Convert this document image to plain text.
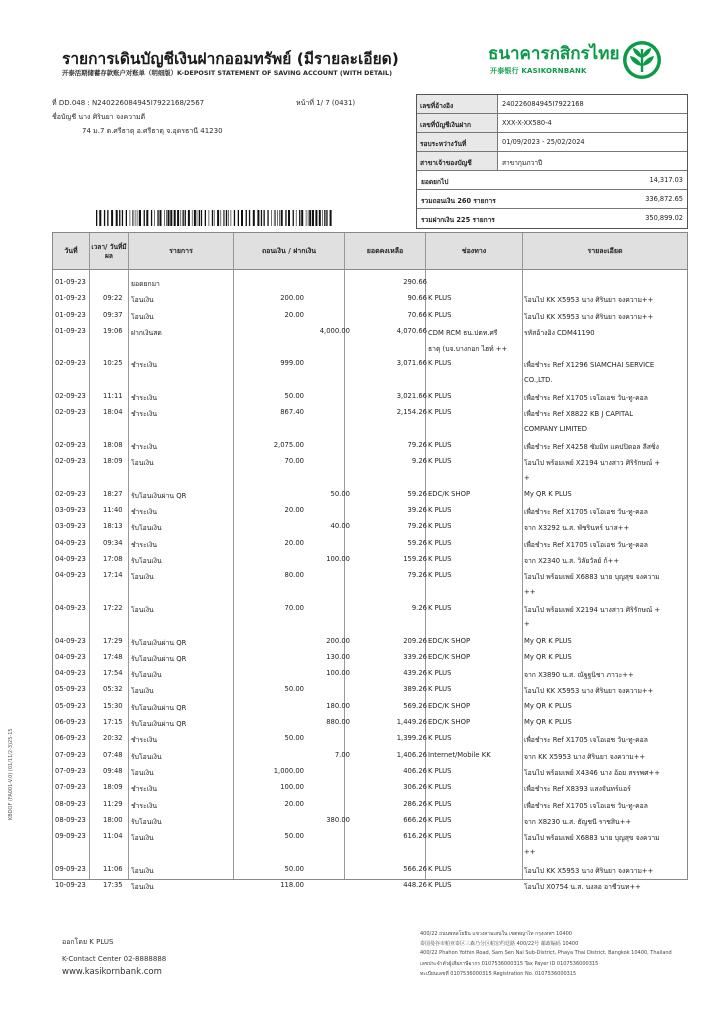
รายการเดินบัญชีเงินฝากออมทรัพย์ (มีรายละเอียด)
开泰活期储蓄存款账户对账单（明细版）K-DEPOSIT STATEMENT OF SAVING ACCOUNT (WITH DETAIL)
ธนาคารกสิกรไทย
开泰银行 KASIKORNBANK
ที่ DD.048 : N240226084945I7922168/2567	หน้าที่ 1/ 7 (0431)
ชื่อบัญชี นาง ศิรินยา จงความดี
74 ม.7 ต.ศรีธาตุ อ.ศรีธาตุ จ.อุดรธานี 41230
เลขที่อ้างอิง	240226084945I7922168
เลขที่บัญชีเงินฝาก	XXX-X-XX580-4
รอบระหว่างวันที่	01/09/2023 - 25/02/2024
สาขาเจ้าของบัญชี	สาขากุมภวาปี
ยอดยกไป	14,317.03
รวมถอนเงิน 260 รายการ	336,872.65
รวมฝากเงิน 225 รายการ	350,899.02
วันที่
เวลา/ วันที่มีผล
รายการ	ถอนเงิน / ฝากเงิน	ยอดคงเหลือ	ช่องทาง	รายละเอียด
01-09-23	ยอดยกมา	290.66
01-09-23	09:22 โอนเงิน	200.00	90.66 K PLUS	โอนไป KK X5953 นาง ศิรินยา จงความ++
01-09-23	09:37 โอนเงิน	20.00	70.66 K PLUS	โอนไป KK X5953 นาง ศิรินยา จงความ++
01-09-23	19:06 ฝากเงินสด	4,000.00	4,070.66 CDM RCM ธน.ปตท.ศรี	รหัสอ้างอิง CDM41190
ธาตุ (บจ.บางกอก ไฮท์ ++
02-09-23	10:25 ชำระเงิน	999.00	3,071.66 K PLUS	เพื่อชำระ Ref X1296 SIAMCHAI SERVICE
CO.,LTD.
02-09-23	11:11 ชำระเงิน	50.00	3,021.66 K PLUS	เพื่อชำระ Ref X1705 เจโอเอช วัน-ทู-คอล
02-09-23	18:04 ชำระเงิน	867.40	2,154.26 K PLUS	เพื่อชำระ Ref X8822 KB J CAPITAL
COMPANY LIMITED
02-09-23	18:08 ชำระเงิน	2,075.00	79.26 K PLUS	เพื่อชำระ Ref X4258 ซัมมิท แคปปิตอล ลีสซิ่ง
02-09-23	18:09 โอนเงิน	70.00	9.26 K PLUS	โอนไป พร้อมเพย์ X2194 นางสาว ศิริรักษณ์ +
+
02-09-23	18:27 รับโอนเงินผ่าน QR	50.00	59.26 EDC/K SHOP	My QR K PLUS
03-09-23	11:40 ชำระเงิน	20.00	39.26 K PLUS	เพื่อชำระ Ref X1705 เจโอเอช วัน-ทู-คอล
03-09-23	18:13 รับโอนเงิน	40.00	79.26 K PLUS	จาก X3292 น.ส. พัชรินทร์ นาส++
04-09-23	09:34 ชำระเงิน	20.00	59.26 K PLUS	เพื่อชำระ Ref X1705 เจโอเอช วัน-ทู-คอล
04-09-23	17:08 รับโอนเงิน	100.00	159.26 K PLUS	จาก X2340 น.ส. วิลัยวัลย์ ก้++
04-09-23	17:14 โอนเงิน	80.00	79.26 K PLUS	โอนไป พร้อมเพย์ X6883 นาย บุญสุข จงความ
++
04-09-23	17:22 โอนเงิน	70.00	9.26 K PLUS	โอนไป พร้อมเพย์ X2194 นางสาว ศิริรักษณ์ +
+
04-09-23	17:29 รับโอนเงินผ่าน QR	200.00	209.26 EDC/K SHOP	My QR K PLUS
04-09-23	17:48 รับโอนเงินผ่าน QR	130.00	339.26 EDC/K SHOP	My QR K PLUS
04-09-23	17:54 รับโอนเงิน	100.00	439.26 K PLUS	จาก X3890 น.ส. ณัฐฐนิชา ภาวะ++
05-09-23	05:32 โอนเงิน	50.00	389.26 K PLUS	โอนไป KK X5953 นาง ศิรินยา จงความ++
05-09-23	15:30 รับโอนเงินผ่าน QR	180.00	569.26 EDC/K SHOP	My QR K PLUS
06-09-23	17:15 รับโอนเงินผ่าน QR	880.00	1,449.26 EDC/K SHOP	My QR K PLUS
06-09-23	20:32 ชำระเงิน	50.00	1,399.26 K PLUS	เพื่อชำระ Ref X1705 เจโอเอช วัน-ทู-คอล
07-09-23	07:48 รับโอนเงิน	7.00	1,406.26 Internet/Mobile KK	จาก KK X5953 นาง ศิรินยา จงความ++
07-09-23	09:48 โอนเงิน	1,000.00	406.26 K PLUS	โอนไป พร้อมเพย์ X4346 นาง อ้อย สรรพศ++
07-09-23	18:09 ชำระเงิน	100.00	306.26 K PLUS	เพื่อชำระ Ref X8393 แสงจันทร์แอร์
08-09-23	11:29 ชำระเงิน	20.00	286.26 K PLUS	เพื่อชำระ Ref X1705 เจโอเอช วัน-ทู-คอล
08-09-23	18:00 รับโอนเงิน	380.00	666.26 K PLUS	จาก X8230 น.ส. ธัญชนี ราชสิน++
09-09-23	11:04 โอนเงิน	50.00	616.26 K PLUS	โอนไป พร้อมเพย์ X6883 นาย บุญสุข จงความ
++
09-09-23	11:06 โอนเงิน	50.00	566.26 K PLUS	โอนไป KK X5953 นาง ศิรินยา จงความ++
10-09-23	17:35 โอนเงิน	118.00	448.26 K PLUS	โอนไป X0754 น.ส. นงลอ อาชีวนท++
KBDOF (FA001-V.0) (01/11/2-3)25-15
ออกโดย K PLUS
K-Contact Center 02-8888888
www.kasikornbank.com
400/22 ถนนพหลโยธิน แขวงสามเสนใน เขตพญาไท กรุงเทพฯ 10400
泰国曼谷市帕亚泰区三森乃分区帕宏约廷路 400/22号 邮政编码 10400
400/22 Phahon Yothin Road, Sam Sen Nai Sub-District, Phaya Thai District, Bangkok 10400, Thailand
เลขประจำตัวผู้เสียภาษีอากร 0107536000315 Tax Payer ID 0107536000315
ทะเบียนเลขที่ 0107536000315 Registration No. 0107536000315
